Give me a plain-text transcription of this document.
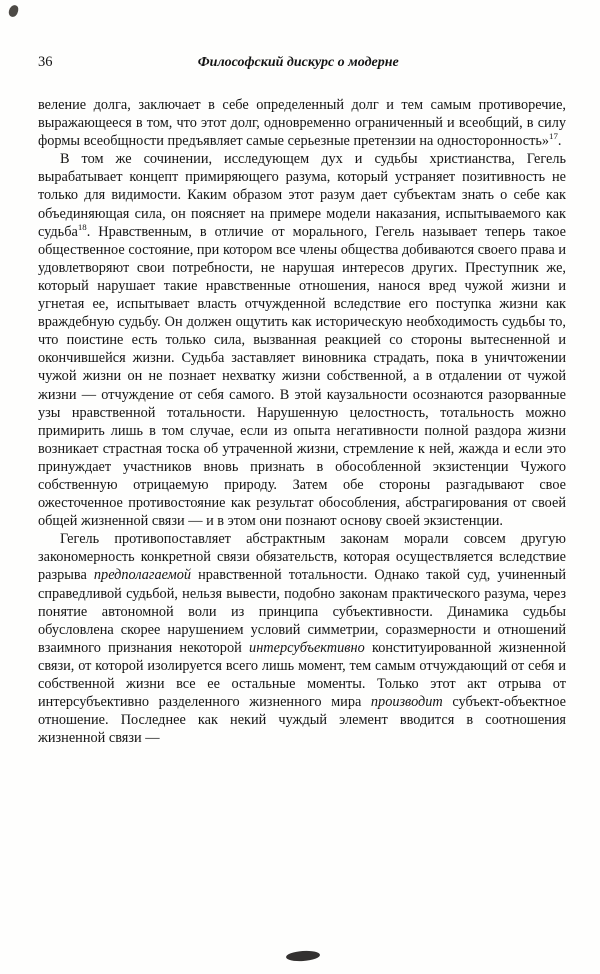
36	Философский дискурс о модерне

веление долга, заключает в себе определенный долг и тем самым противоречие, выражающееся в том, что этот долг, одновременно ограниченный и всеобщий, в силу формы всеобщности предъявляет самые серьезные претензии на односторонность»$^{17}$.

В том же сочинении, исследующем дух и судьбы христианства, Гегель вырабатывает концепт примиряющего разума, который устраняет позитивность не только для видимости. Каким образом этот разум дает субъектам знать о себе как объединяющая сила, он поясняет на примере модели наказания, испытываемого как судьба$^{18}$. Нравственным, в отличие от морального, Гегель называет теперь такое общественное состояние, при котором все члены общества добиваются своего права и удовлетворяют свои потребности, не нарушая интересов других. Преступник же, который нарушает такие нравственные отношения, нанося вред чужой жизни и угнетая ее, испытывает власть отчужденной вследствие его поступка жизни как враждебную судьбу. Он должен ощутить как историческую необходимость судьбы то, что поистине есть только сила, вызванная реакцией со стороны вытесненной и окончившейся жизни. Судьба заставляет виновника страдать, пока в уничтожении чужой жизни он не познает нехватку жизни собственной, а в отдалении от чужой жизни — отчуждение от себя самого. В этой каузальности осознаются разорванные узы нравственной тотальности. Нарушенную целостность, тотальность можно примирить лишь в том случае, если из опыта негативности полной раздора жизни возникает страстная тоска об утраченной жизни, стремление к ней, жажда и если это принуждает участников вновь признать в обособленной экзистенции Чужого собственную отрицаемую природу. Затем обе стороны разгадывают свое ожесточенное противостояние как результат обособления, абстрагирования от своей общей жизненной связи — и в этом они познают основу своей экзистенции.

Гегель противопоставляет абстрактным законам морали совсем другую закономерность конкретной связи обязательств, которая осуществляется вследствие разрыва предполагаемой нравственной тотальности. Однако такой суд, учиненный справедливой судьбой, нельзя вывести, подобно законам практического разума, через понятие автономной воли из принципа субъективности. Динамика судьбы обусловлена скорее нарушением условий симметрии, соразмерности и отношений взаимного признания некоторой интерсубъективно конституированной жизненной связи, от которой изолируется всего лишь момент, тем самым отчуждающий от себя и собственной жизни все ее остальные моменты. Только этот акт отрыва от интерсубъективно разделенного жизненного мира производит субъект-объектное отношение. Последнее как некий чуждый элемент вводится в соотношения жизненной связи —
